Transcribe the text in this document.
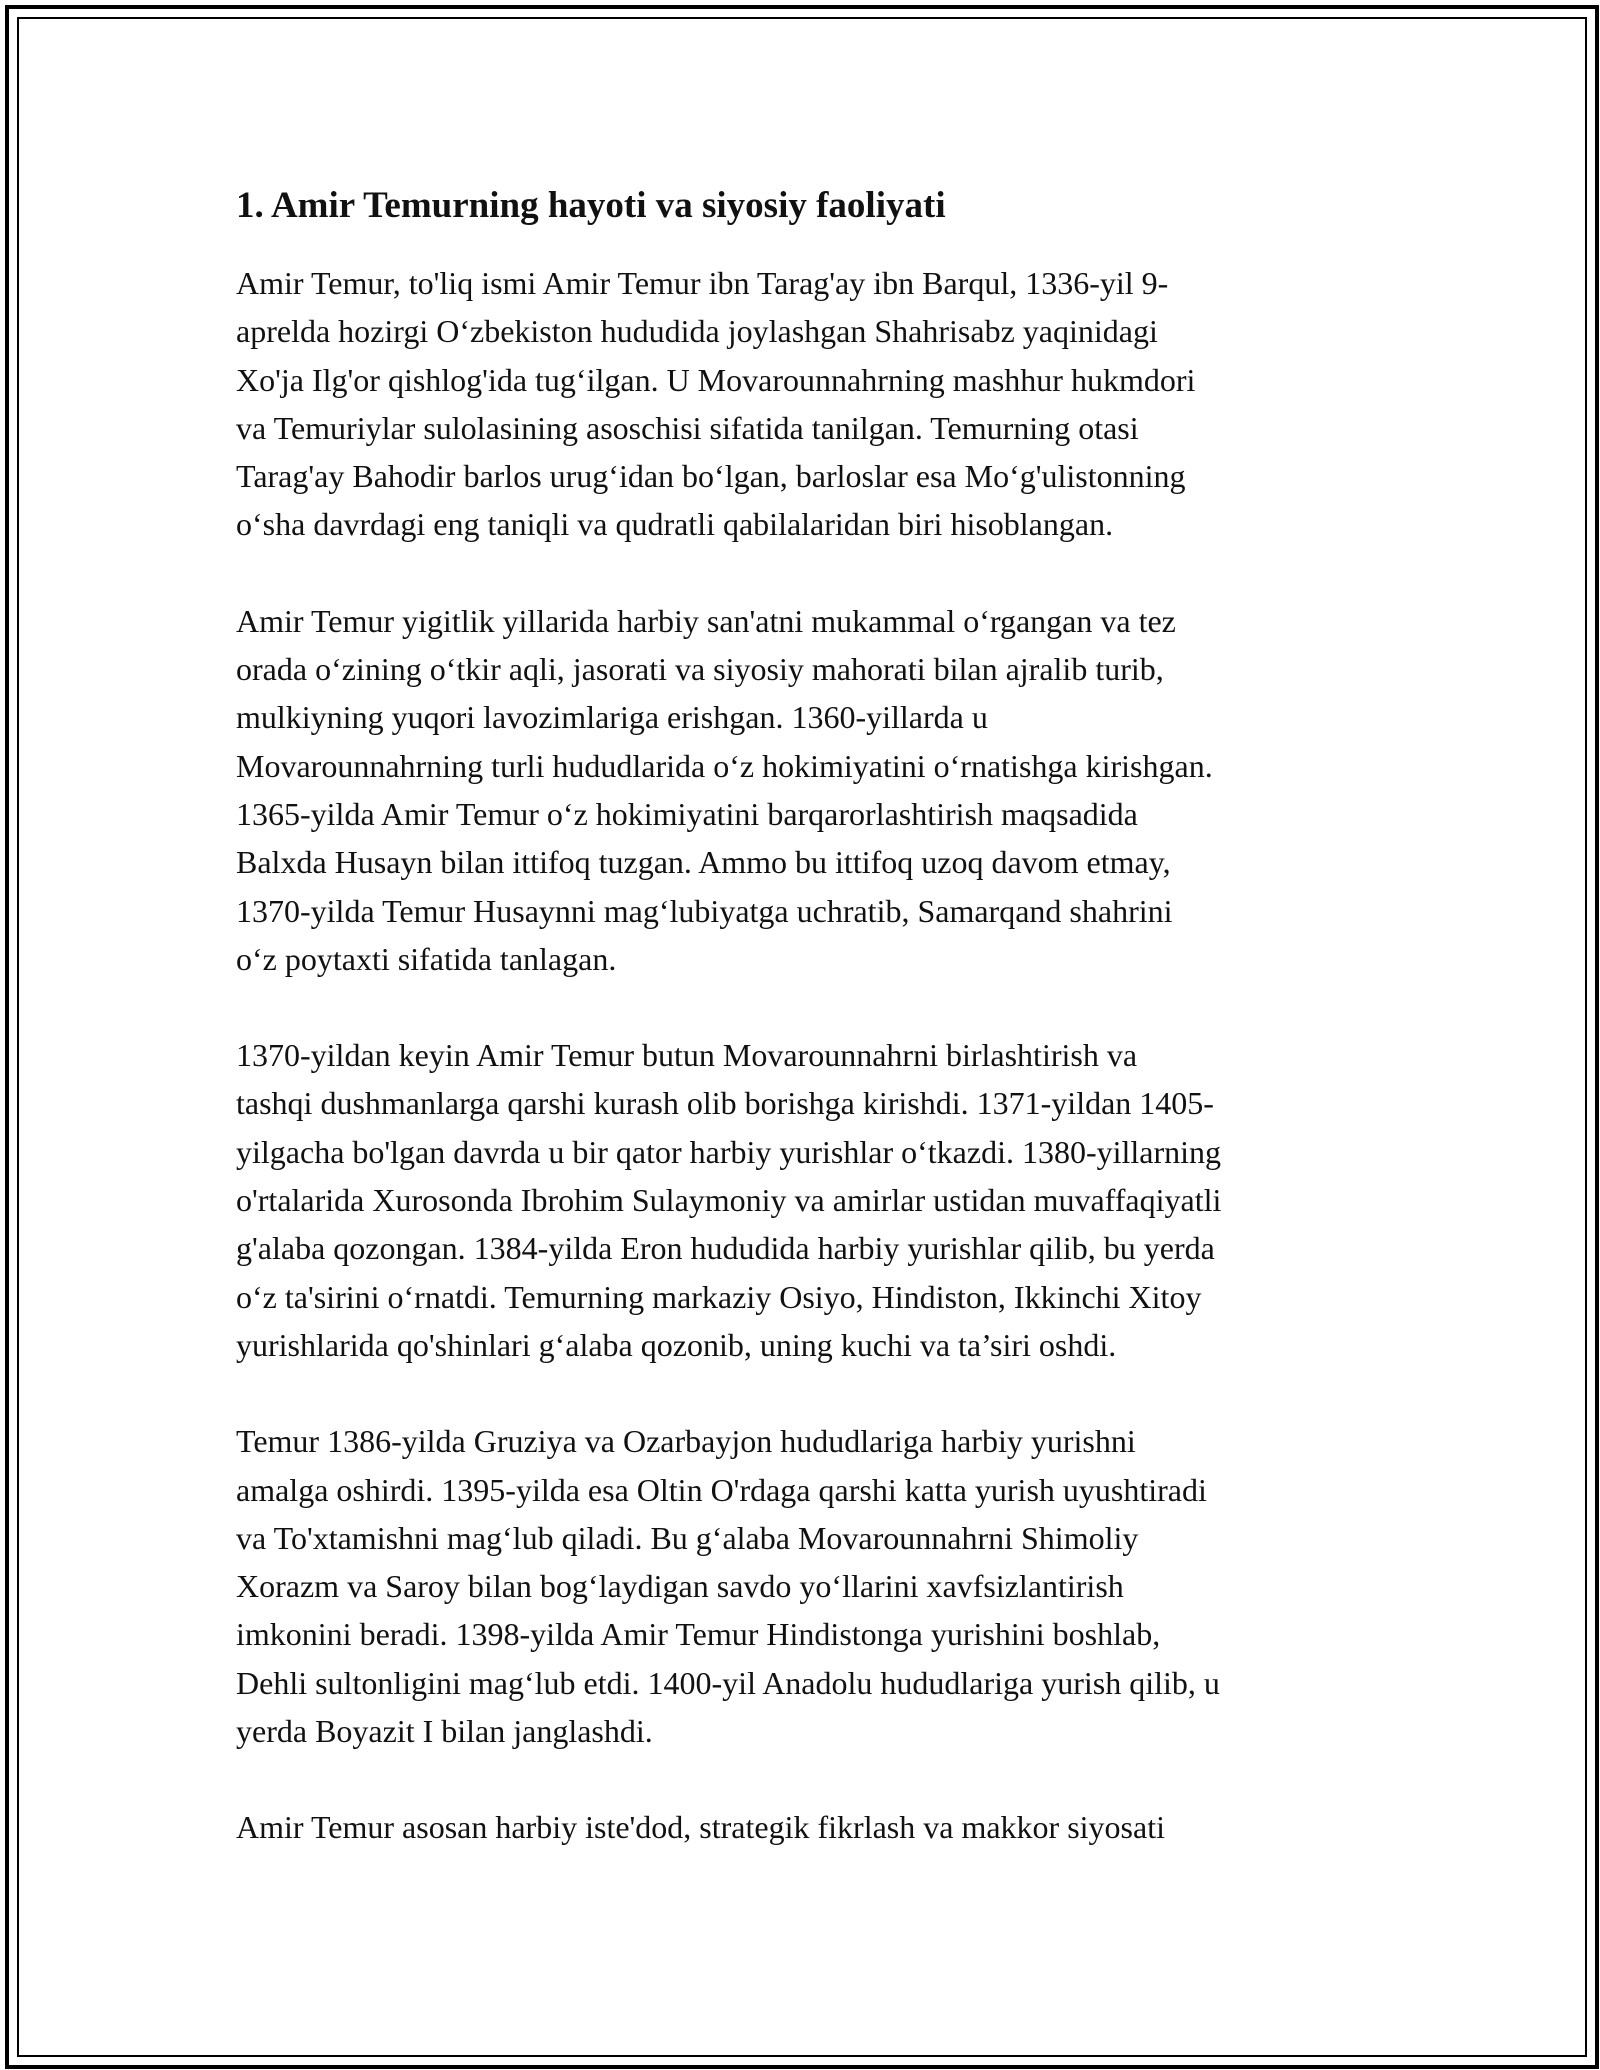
1. Amir Temurning hayoti va siyosiy faoliyati

Amir Temur, to'liq ismi Amir Temur ibn Tarag'ay ibn Barqul, 1336-yil 9-
aprelda hozirgi O‘zbekiston hududida joylashgan Shahrisabz yaqinidagi
Xo'ja Ilg'or qishlog'ida tug‘ilgan. U Movarounnahrning mashhur hukmdori
va Temuriylar sulolasining asoschisi sifatida tanilgan. Temurning otasi
Tarag'ay Bahodir barlos urug‘idan bo‘lgan, barloslar esa Mo‘g'ulistonning
o‘sha davrdagi eng taniqli va qudratli qabilalaridan biri hisoblangan.

Amir Temur yigitlik yillarida harbiy san'atni mukammal o‘rgangan va tez
orada o‘zining o‘tkir aqli, jasorati va siyosiy mahorati bilan ajralib turib,
mulkiyning yuqori lavozimlariga erishgan. 1360-yillarda u
Movarounnahrning turli hududlarida o‘z hokimiyatini o‘rnatishga kirishgan.
1365-yilda Amir Temur o‘z hokimiyatini barqarorlashtirish maqsadida
Balxda Husayn bilan ittifoq tuzgan. Ammo bu ittifoq uzoq davom etmay,
1370-yilda Temur Husaynni mag‘lubiyatga uchratib, Samarqand shahrini
o‘z poytaxti sifatida tanlagan.

1370-yildan keyin Amir Temur butun Movarounnahrni birlashtirish va
tashqi dushmanlarga qarshi kurash olib borishga kirishdi. 1371-yildan 1405-
yilgacha bo'lgan davrda u bir qator harbiy yurishlar o‘tkazdi. 1380-yillarning
o'rtalarida Xurosonda Ibrohim Sulaymoniy va amirlar ustidan muvaffaqiyatli
g'alaba qozongan. 1384-yilda Eron hududida harbiy yurishlar qilib, bu yerda
o‘z ta'sirini o‘rnatdi. Temurning markaziy Osiyo, Hindiston, Ikkinchi Xitoy
yurishlarida qo'shinlari g‘alaba qozonib, uning kuchi va ta’siri oshdi.

Temur 1386-yilda Gruziya va Ozarbayjon hududlariga harbiy yurishni
amalga oshirdi. 1395-yilda esa Oltin O'rdaga qarshi katta yurish uyushtiradi
va To'xtamishni mag‘lub qiladi. Bu g‘alaba Movarounnahrni Shimoliy
Xorazm va Saroy bilan bog‘laydigan savdo yo‘llarini xavfsizlantirish
imkonini beradi. 1398-yilda Amir Temur Hindistonga yurishini boshlab,
Dehli sultonligini mag‘lub etdi. 1400-yil Anadolu hududlariga yurish qilib, u
yerda Boyazit I bilan janglashdi.

Amir Temur asosan harbiy iste'dod, strategik fikrlash va makkor siyosati
